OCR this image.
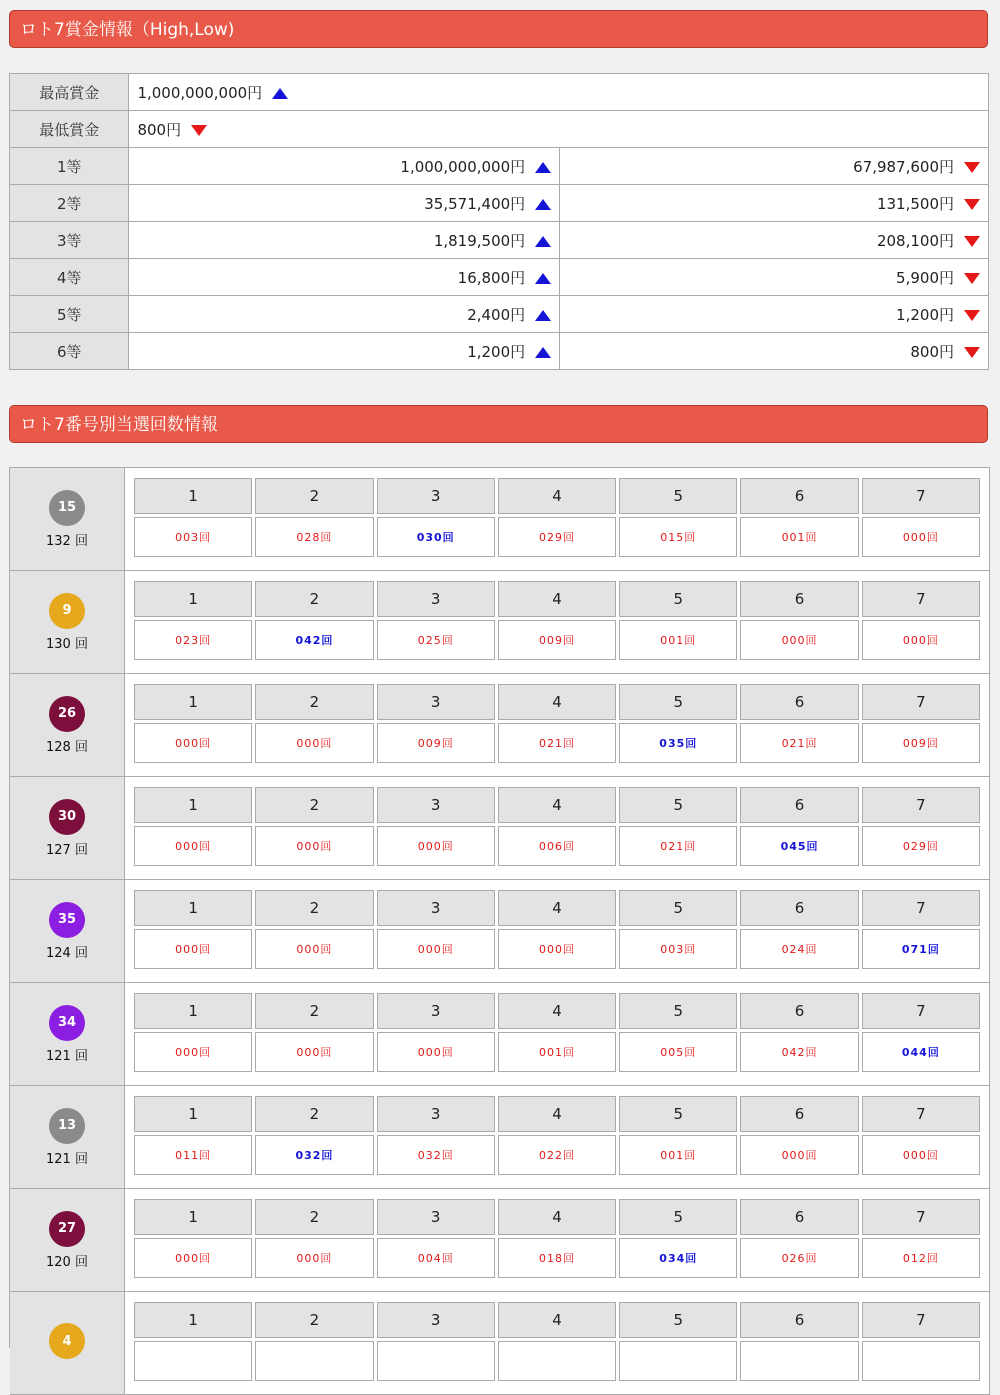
ロト7賞金情報（High,Low)
最高賞金	1,000,000,000円	
最低賞金	800円	
1等	1,000,000,000円	67,987,600円
2等	35,571,400円	131,500円
3等	1,819,500円	208,100円
4等	16,800円	5,900円
5等	2,400円	1,200円
6等	1,200円	800円
ロト7番号別当選回数情報
15
132 回
1	2	3	4	5	6	7
003回	028回	030回	029回	015回	001回	000回
9
130 回
1	2	3	4	5	6	7
023回	042回	025回	009回	001回	000回	000回
26
128 回
1	2	3	4	5	6	7
000回	000回	009回	021回	035回	021回	009回
30
127 回
1	2	3	4	5	6	7
000回	000回	000回	006回	021回	045回	029回
35
124 回
1	2	3	4	5	6	7
000回	000回	000回	000回	003回	024回	071回
34
121 回
1	2	3	4	5	6	7
000回	000回	000回	001回	005回	042回	044回
13
121 回
1	2	3	4	5	6	7
011回	032回	032回	022回	001回	000回	000回
27
120 回
1	2	3	4	5	6	7
000回	000回	004回	018回	034回	026回	012回
4
1	2	3	4	5	6	7
